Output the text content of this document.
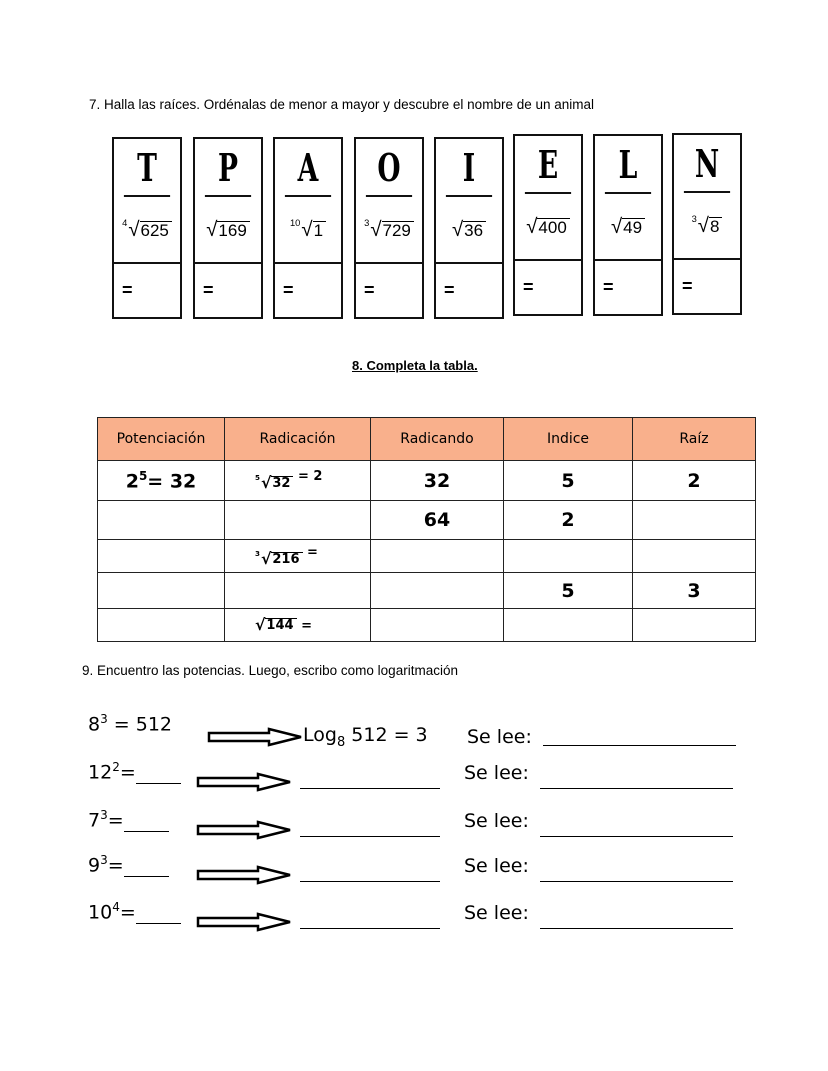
7. Halla las raíces. Ordénalas de menor a mayor y descubre el nombre de un animal
T
4 √ 625
=
P
√ 169
=
A
10 √ 1
=
O
3 √ 729
=
I
√ 36
=
E
√ 400
=
L
√ 49
=
N
3 √ 8
=
8. Completa la tabla.
Potenciación	Radicación	Radicando	Indice	Raíz
$2^5= 32$	5 √ 32 = 2	32	5	2
		64	2	

	3 √ 216 =			
			5	3

	√ 144 =			
9. Encuentro las potencias. Luego, escribo como logaritmación
$8^3 = 512$	Log$_8$ 512 = 3
$12^2=$	Se lee:
$7^3=$	Se lee:
$9^3=$	Se lee:
$10^4=$	Se lee:
Se lee:
